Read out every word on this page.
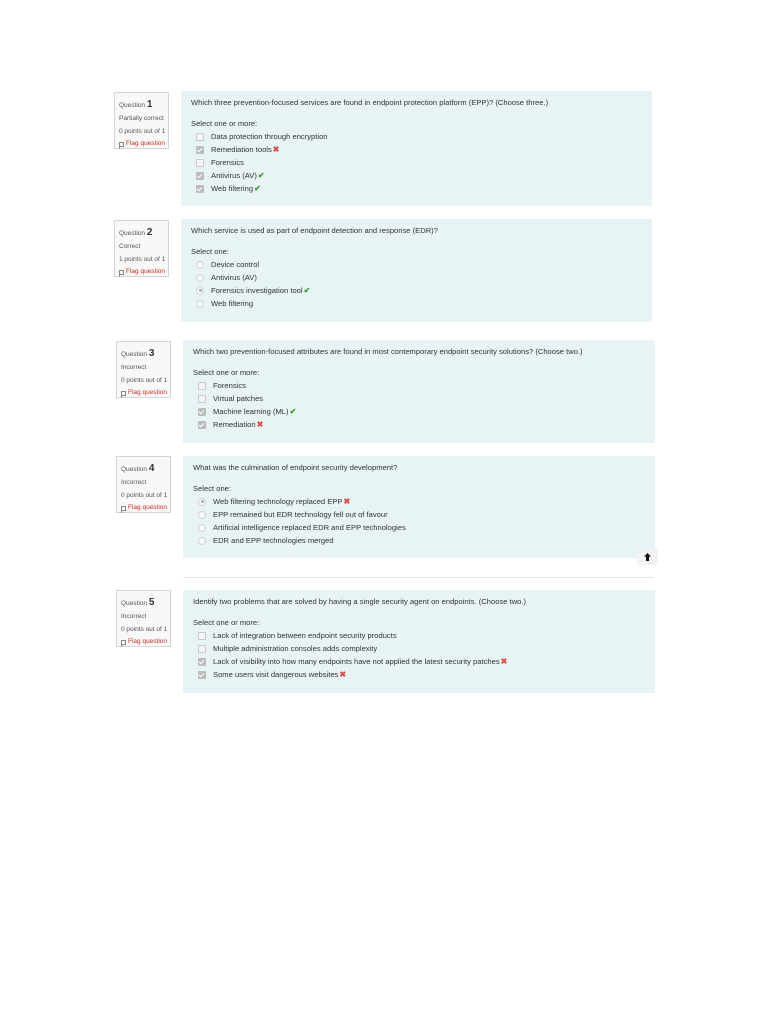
Question 1
Partially correct
0 points out of 1
Flag question
Which three prevention-focused services are found in endpoint protection platform (EPP)? (Choose three.)
Select one or more:
Data protection through encryption
Remediation tools ✖
Forensics
Antivirus (AV) ✔
Web filtering ✔
Question 2
Correct
1 points out of 1
Flag question
Which service is used as part of endpoint detection and response (EDR)?
Select one:
Device control
Antivirus (AV)
Forensics investigation tool ✔
Web filtering
Question 3
Incorrect
0 points out of 1
Flag question
Which two prevention-focused attributes are found in most contemporary endpoint security solutions? (Choose two.)
Select one or more:
Forensics
Virtual patches
Machine learning (ML) ✔
Remediation ✖
Question 4
Incorrect
0 points out of 1
Flag question
What was the culmination of endpoint security development?
Select one:
Web filtering technology replaced EPP ✖
EPP remained but EDR technology fell out of favour
Artificial intelligence replaced EDR and EPP technologies
EDR and EPP technologies merged
Question 5
Incorrect
0 points out of 1
Flag question
Identify two problems that are solved by having a single security agent on endpoints. (Choose two.)
Select one or more:
Lack of integration between endpoint security products
Multiple administration consoles adds complexity
Lack of visibility into how many endpoints have not applied the latest security patches ✖
Some users visit dangerous websites ✖
